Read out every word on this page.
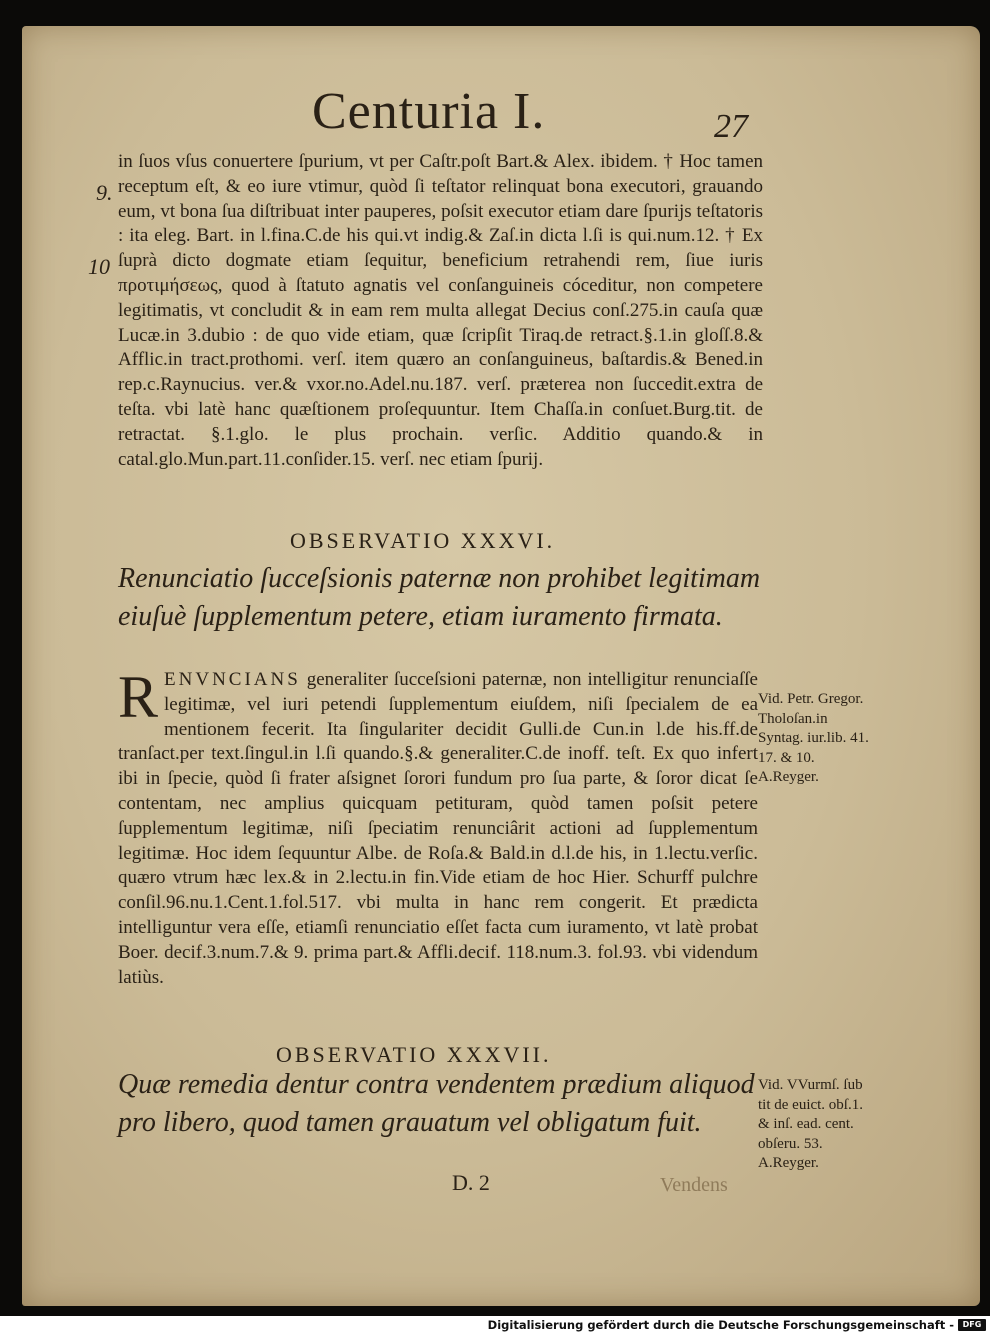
Centuria I.	27
9.
10
in ſuos vſus conuertere ſpurium, vt per Caſtr.poſt Bart.& Alex. ibidem. † Hoc tamen receptum eſt, & eo iure vtimur, quòd ſi teſtator relinquat bona executori, grauando eum, vt bona ſua diſtribuat inter pauperes, poſsit executor etiam dare ſpurijs teſtatoris : ita eleg. Bart. in l.fina.C.de his qui.vt indig.& Zaſ.in dicta l.ſi is qui.num.12. † Ex ſuprà dicto dogmate etiam ſequitur, beneficium retrahendi rem, ſiue iuris προτιμήσεως, quod à ſtatuto agnatis vel conſanguineis cóceditur, non competere legitimatis, vt concludit & in eam rem multa allegat Decius conſ.275.in cauſa quæ Lucæ.in 3.dubio : de quo vide etiam, quæ ſcripſit Tiraq.de retract.§.1.in gloſſ.8.& Afflic.in tract.prothomi. verſ. item quæro an conſanguineus, baſtardis.& Bened.in rep.c.Raynucius. ver.& vxor.no.Adel.nu.187. verſ. præterea non ſuccedit.extra de teſta. vbi latè hanc quæſtionem proſequuntur. Item Chaſſa.in conſuet.Burg.tit. de retractat. §.1.glo. le plus prochain. verſic. Additio quando.& in catal.glo.Mun.part.11.conſider.15. verſ. nec etiam ſpurij.
OBSERVATIO XXXVI.
Renunciatio ſucceſsionis paternæ non prohibet legitimam eiuſuè ſupplementum petere, etiam iuramento firmata.
R ENVNCIANS generaliter ſucceſsioni paternæ, non intelligitur renunciaſſe legitimæ, vel iuri petendi ſupplementum eiuſdem, niſi ſpecialem de ea mentionem fecerit. Ita ſingulariter decidit Gulli.de Cun.in l.de his.ff.de tranſact.per text.ſingul.in l.ſi quando.§.& generaliter.C.de inoff. teſt. Ex quo infert ibi in ſpecie, quòd ſi frater aſsignet ſorori fundum pro ſua parte, & ſoror dicat ſe contentam, nec amplius quicquam petituram, quòd tamen poſsit petere ſupplementum legitimæ, niſi ſpeciatim renunciârit actioni ad ſupplementum legitimæ. Hoc idem ſequuntur Albe. de Roſa.& Bald.in d.l.de his, in 1.lectu.verſic. quæro vtrum hæc lex.& in 2.lectu.in fin.Vide etiam de hoc Hier. Schurff pulchre conſil.96.nu.1.Cent.1.fol.517. vbi multa in hanc rem congerit. Et prædicta intelliguntur vera eſſe, etiamſi renunciatio eſſet facta cum iuramento, vt latè probat Boer. decif.3.num.7.& 9. prima part.& Affli.decif. 118.num.3. fol.93. vbi videndum latiùs.
Vid. Petr. Gregor. Tholoſan.in Syntag. iur.lib. 41. 17. & 10. A.Reyger.
OBSERVATIO XXXVII.
Quæ remedia dentur contra vendentem prædium aliquod pro libero, quod tamen grauatum vel obligatum fuit.
Vid. VVurmſ. ſub tit de euict. obſ.1. & inſ. ead. cent. obſeru. 53. A.Reyger.
D. 2	Vendens
Digitalisierung gefördert durch die Deutsche Forschungsgemeinschaft -	DFG
